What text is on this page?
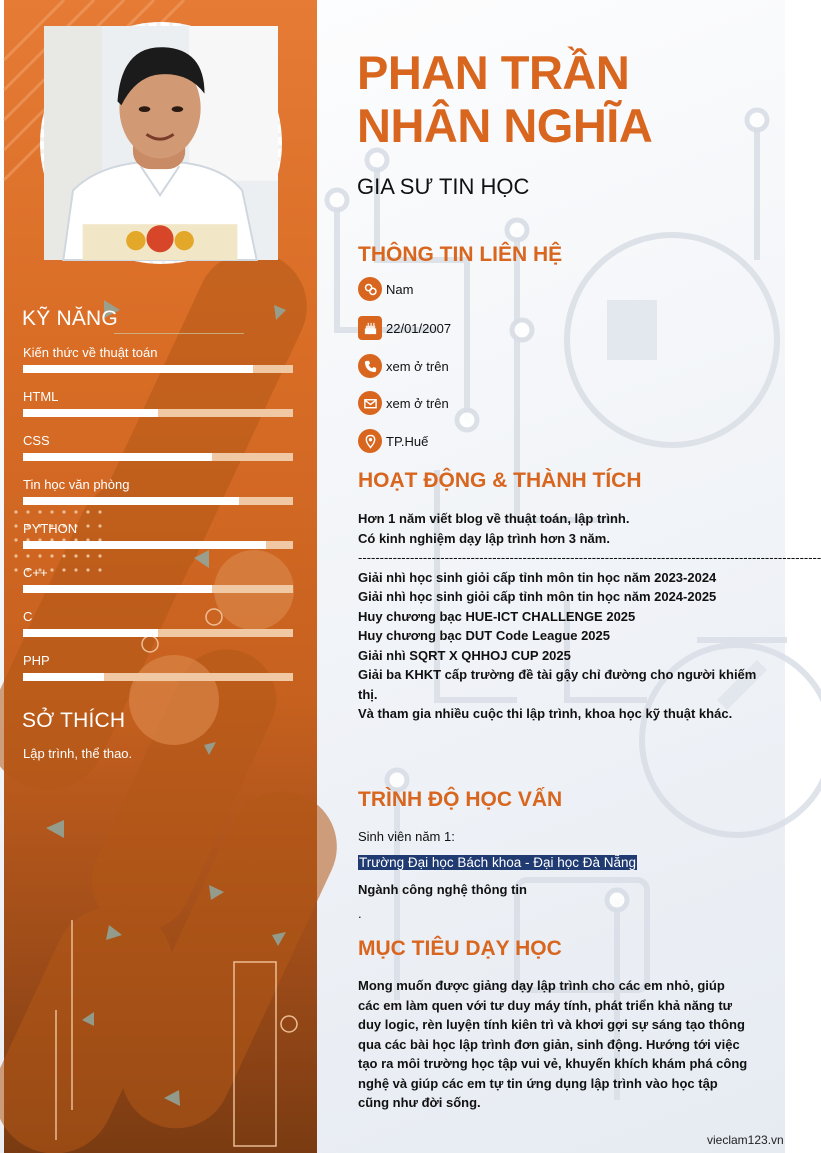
KỸ NĂNG
Kiến thức về thuật toán
HTML
CSS
Tin học văn phòng
PYTHON
C++
C
PHP
SỞ THÍCH
Lập trình, thể thao.
PHAN TRẦN
NHÂN NGHĨA
GIA SƯ TIN HỌC
THÔNG TIN LIÊN HỆ
Nam
22/01/2007
xem ở trên
xem ở trên
TP.Huế
HOẠT ĐỘNG & THÀNH TÍCH
Hơn 1 năm viết blog về thuật toán, lập trình.
Có kinh nghiệm dạy lập trình hơn 3 năm.
-----------------------------------------------------------------------------------------------------------
Giải nhì học sinh giỏi cấp tỉnh môn tin học năm 2023-2024
Giải nhì học sinh giỏi cấp tỉnh môn tin học năm 2024-2025
Huy chương bạc HUE-ICT CHALLENGE 2025
Huy chương bạc DUT Code League 2025
Giải nhì SQRT X QHHOJ CUP 2025
Giải ba KHKT cấp trường đề tài gậy chỉ đường cho người khiếm thị.
Và tham gia nhiều cuộc thi lập trình, khoa học kỹ thuật khác.
TRÌNH ĐỘ HỌC VẤN
Sinh viên năm 1:
Trường Đại học Bách khoa - Đại học Đà Nẵng
Ngành công nghệ thông tin
.
MỤC TIÊU DẠY HỌC
Mong muốn được giảng dạy lập trình cho các em nhỏ, giúp các em làm quen với tư duy máy tính, phát triển khả năng tư duy logic, rèn luyện tính kiên trì và khơi gợi sự sáng tạo thông qua các bài học lập trình đơn giản, sinh động. Hướng tới việc tạo ra môi trường học tập vui vẻ, khuyến khích khám phá công nghệ và giúp các em tự tin ứng dụng lập trình vào học tập cũng như đời sống.
vieclam123.vn
